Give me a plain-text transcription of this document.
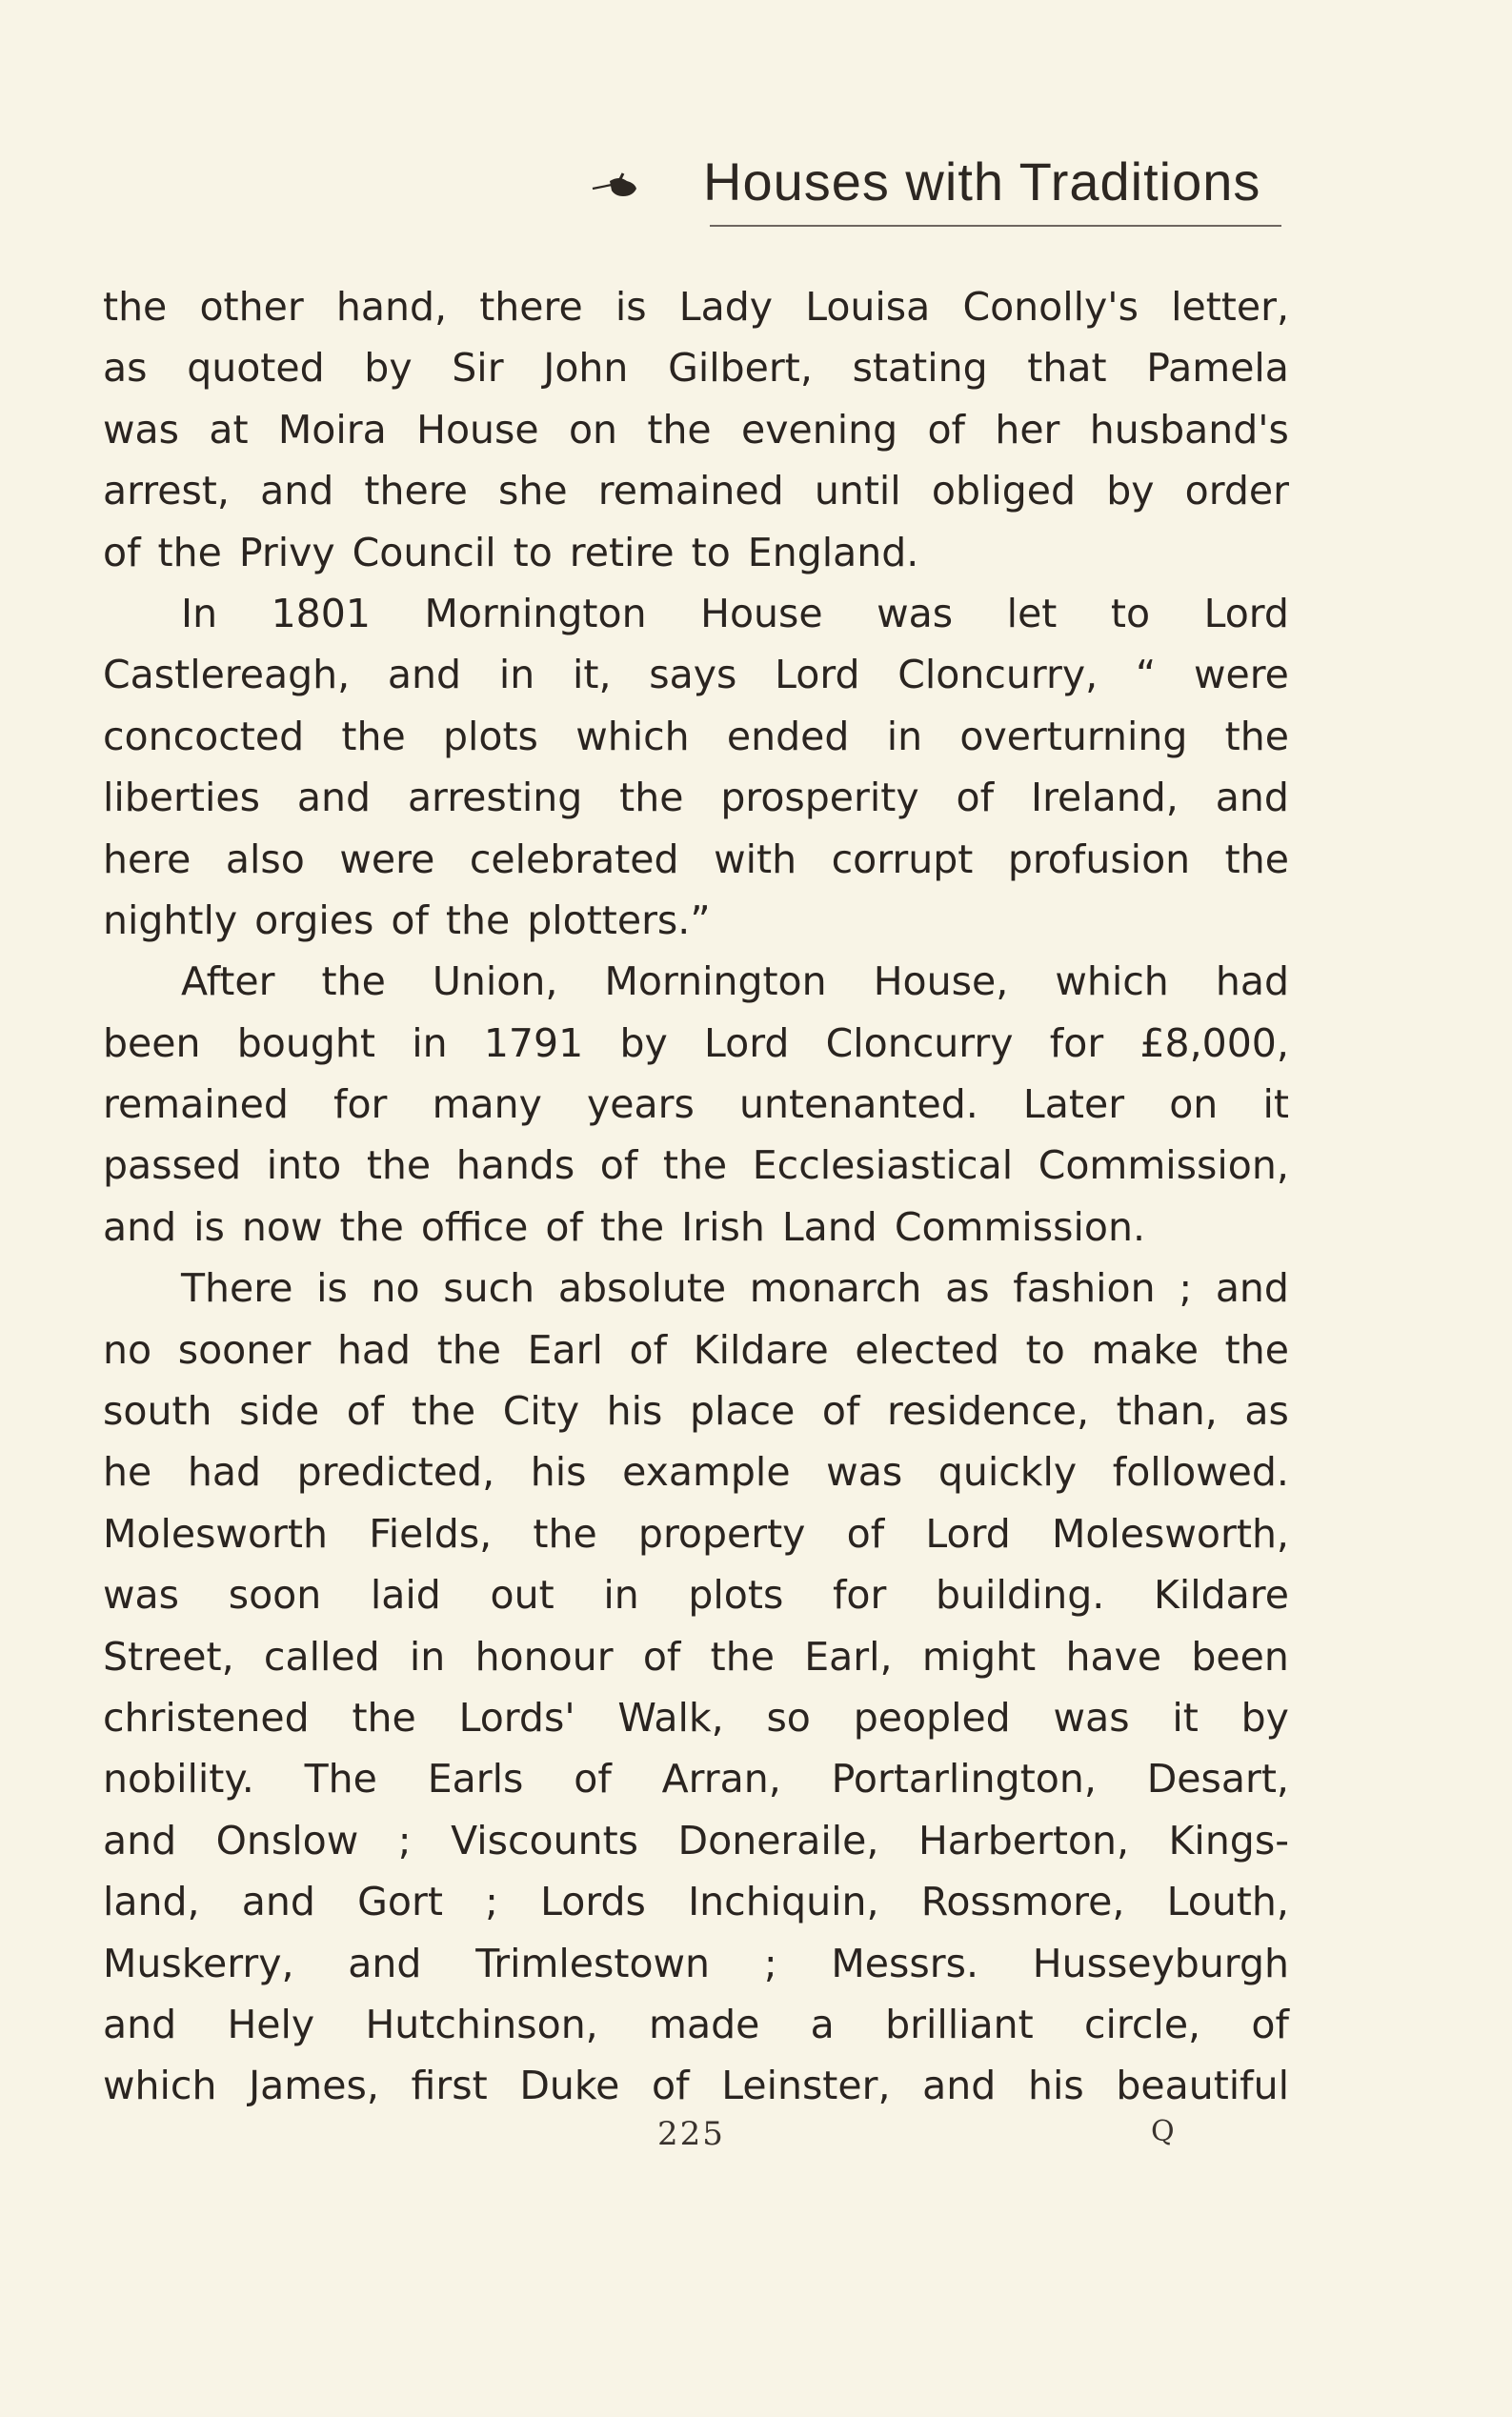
Houses with Traditions
the other hand, there is Lady Louisa Conolly's letter,
as quoted by Sir John Gilbert, stating that Pamela
was at Moira House on the evening of her husband's
arrest, and there she remained until obliged by order
of the Privy Council to retire to England.
In 1801 Mornington House was let to Lord
Castlereagh, and in it, says Lord Cloncurry, “ were
concocted the plots which ended in overturning the
liberties and arresting the prosperity of Ireland, and
here also were celebrated with corrupt profusion the
nightly orgies of the plotters.”
After the Union, Mornington House, which had
been bought in 1791 by Lord Cloncurry for £8,000,
remained for many years untenanted. Later on it
passed into the hands of the Ecclesiastical Commission,
and is now the office of the Irish Land Commission.
There is no such absolute monarch as fashion ; and
no sooner had the Earl of Kildare elected to make the
south side of the City his place of residence, than, as
he had predicted, his example was quickly followed.
Molesworth Fields, the property of Lord Molesworth,
was soon laid out in plots for building. Kildare
Street, called in honour of the Earl, might have been
christened the Lords' Walk, so peopled was it by
nobility. The Earls of Arran, Portarlington, Desart,
and Onslow ; Viscounts Doneraile, Harberton, Kings-
land, and Gort ; Lords Inchiquin, Rossmore, Louth,
Muskerry, and Trimlestown ; Messrs. Husseyburgh
and Hely Hutchinson, made a brilliant circle, of
which James, first Duke of Leinster, and his beautiful
225	Q
